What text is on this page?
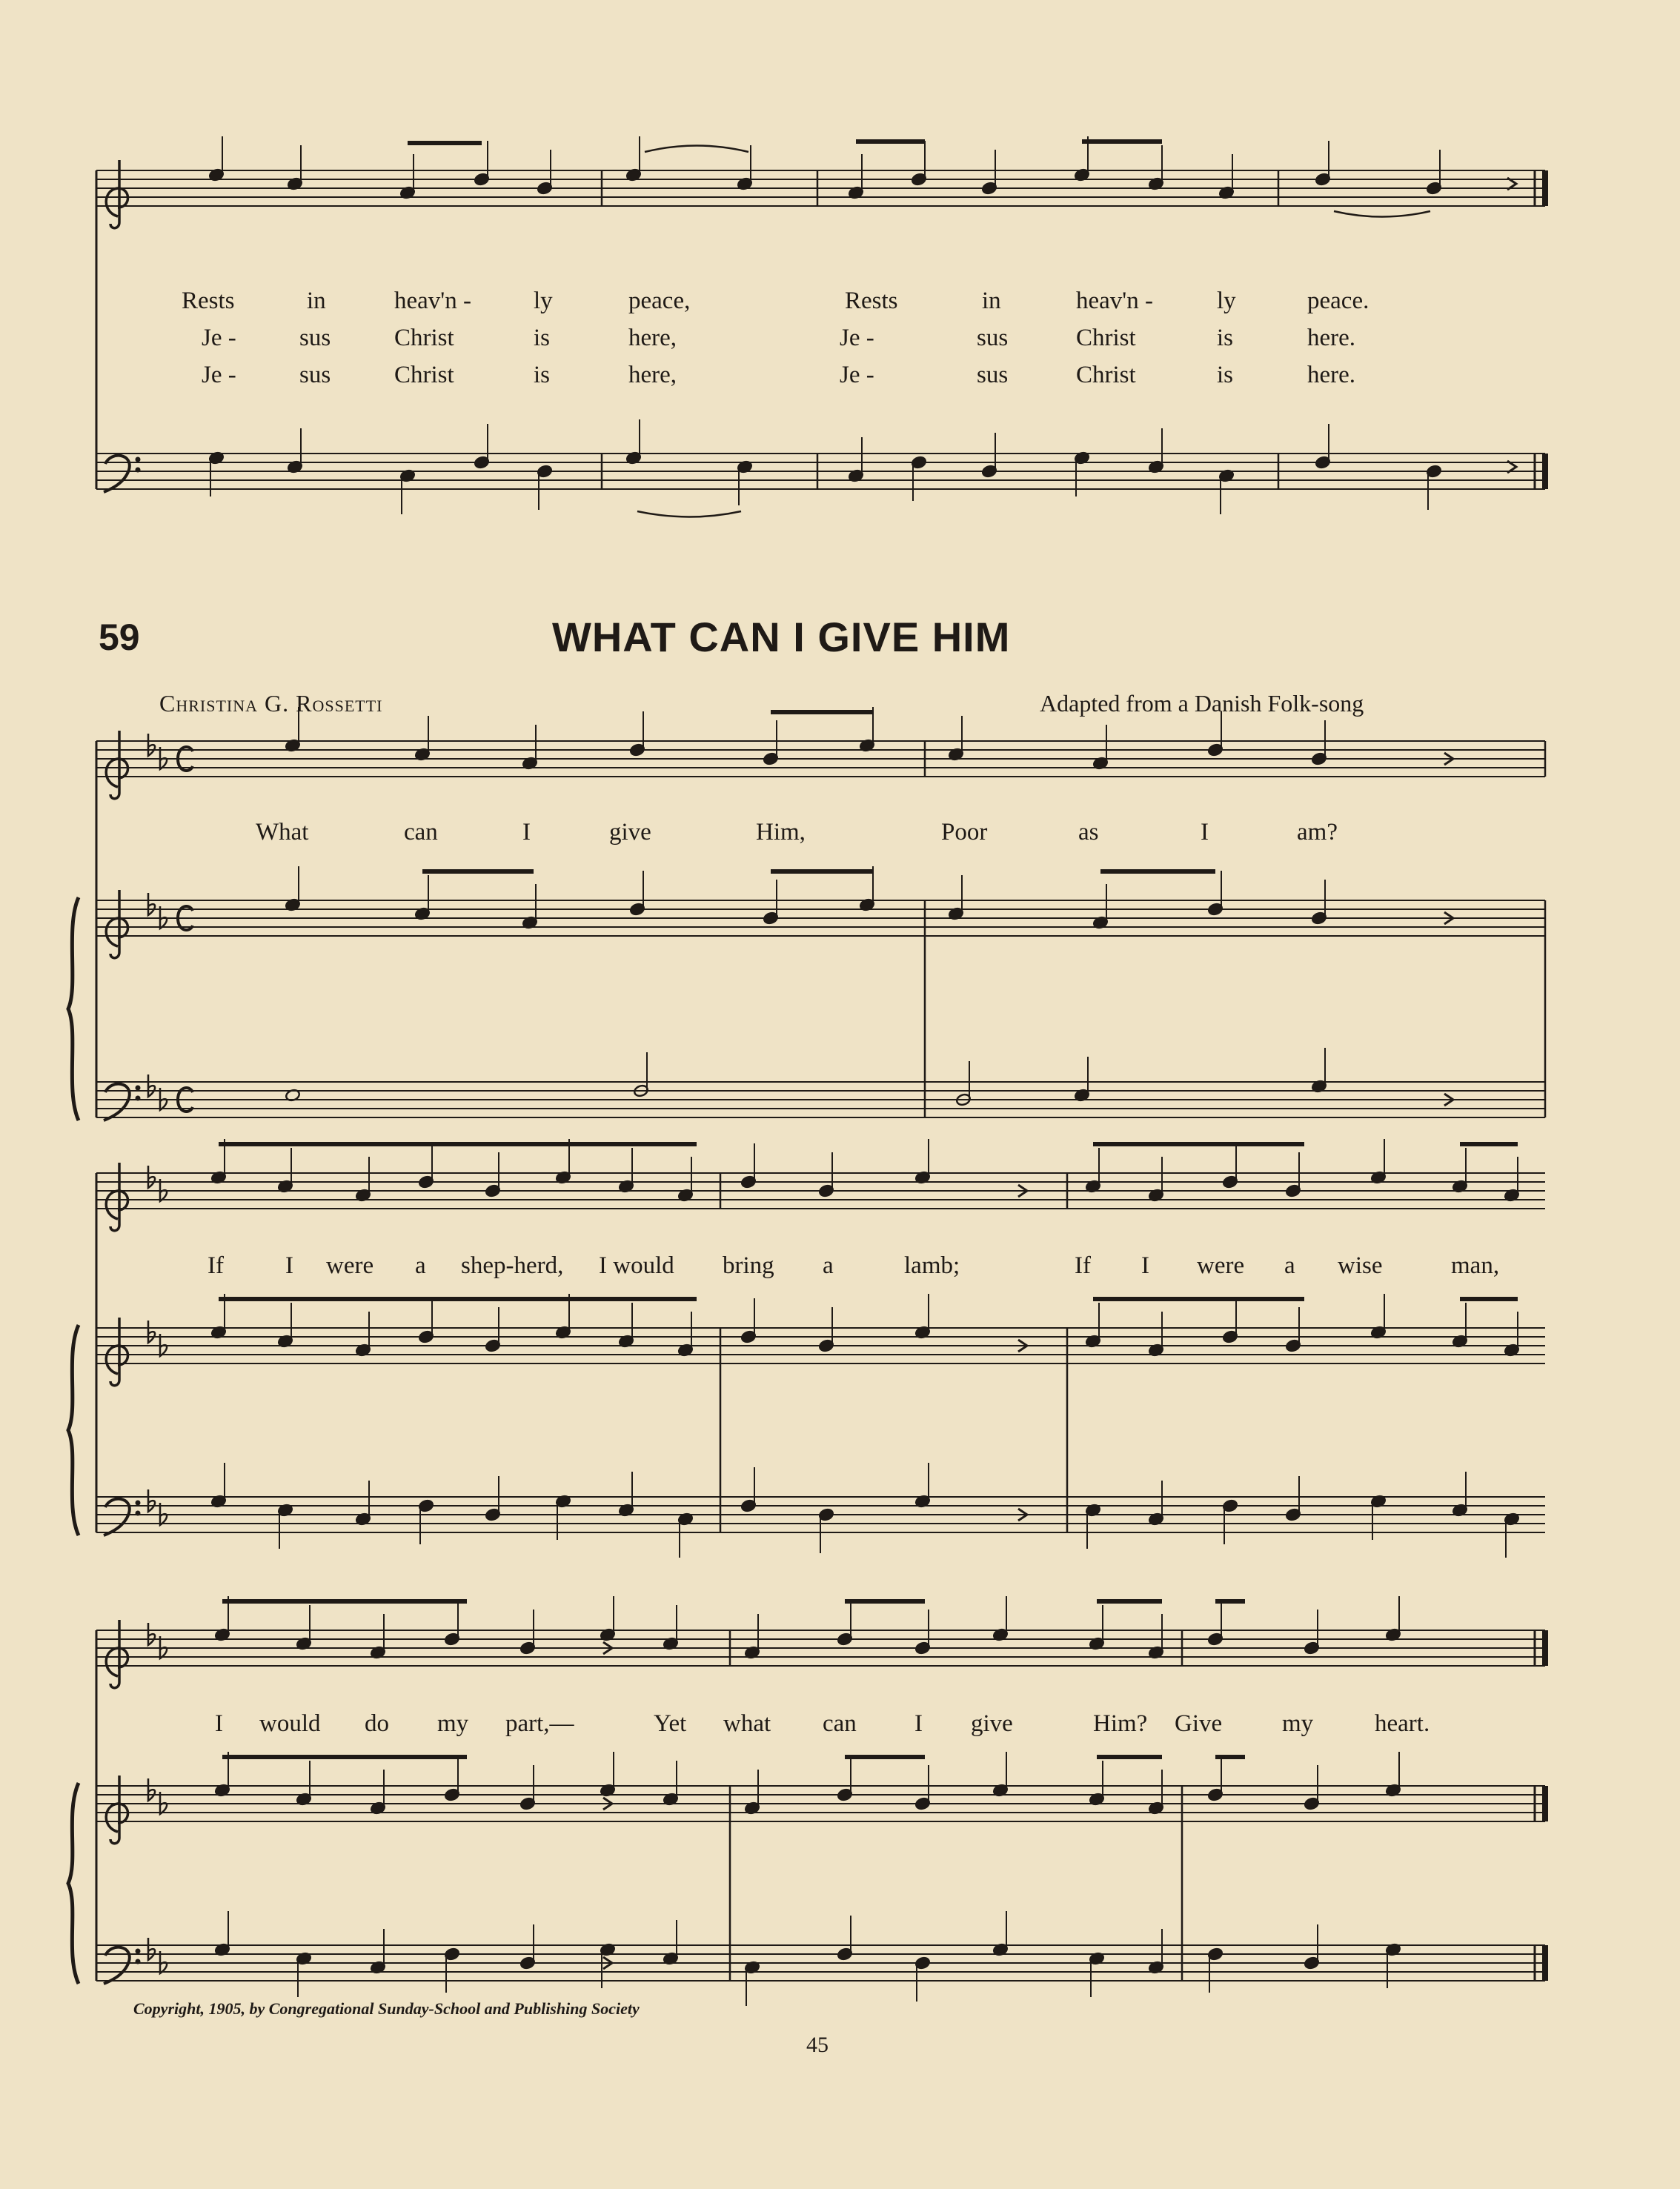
Rests	in	heav'n -	ly	peace,	Rests	in	heav'n -	ly	peace.
Je -	sus	Christ	is	here,	Je -	sus	Christ	is	here.
Je -	sus	Christ	is	here,	Je -	sus	Christ	is	here.
59	WHAT CAN I GIVE HIM
Christina G. Rossetti	Adapted from a Danish Folk-song
What	can	I	give	Him,	Poor	as	I	am?
If	I were a shep-herd, I would bring a	lamb;	If I were a wise	man,
I would do my part,—	Yet what can I give	Him? Give my	heart.
Copyright, 1905, by Congregational Sunday-School and Publishing Society
45
